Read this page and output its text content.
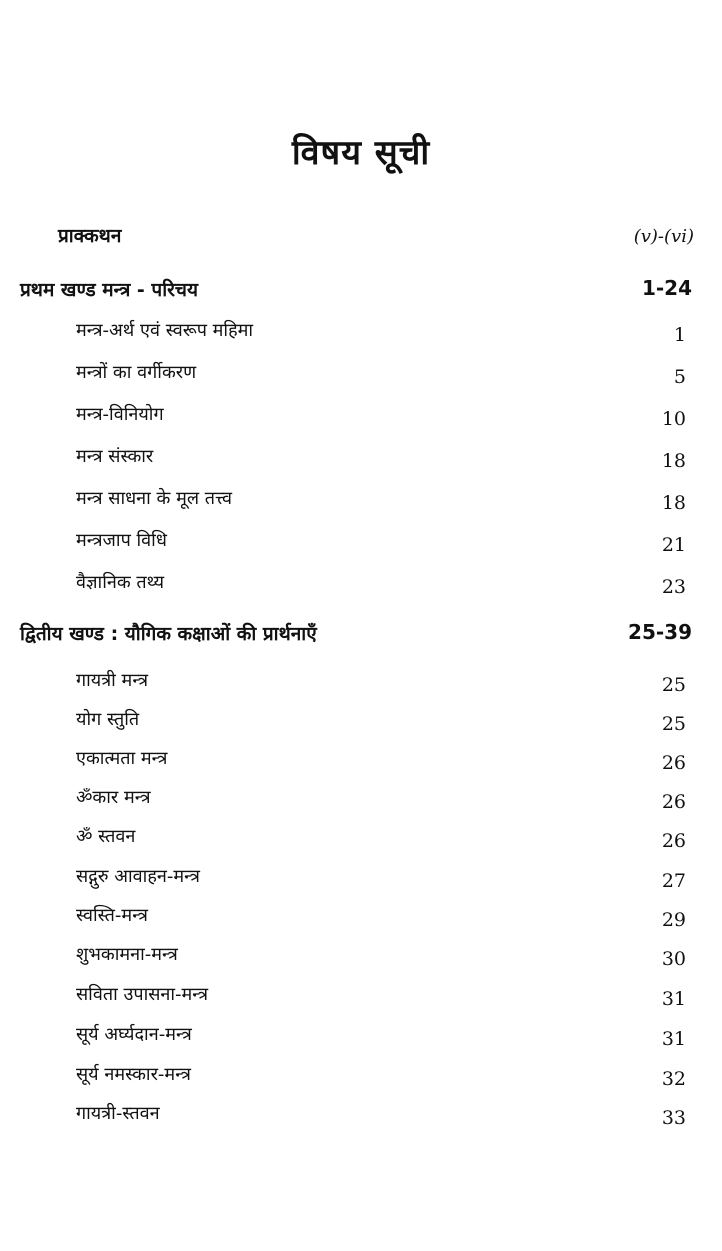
विषय सूची
प्राक्कथन	(v)-(vi)
प्रथम खण्ड मन्त्र - परिचय	1-24
मन्त्र-अर्थ एवं स्वरूप महिमा	1
मन्त्रों का वर्गीकरण	5
मन्त्र-विनियोग	10
मन्त्र संस्कार	18
मन्त्र साधना के मूल तत्त्व	18
मन्त्रजाप विधि	21
वैज्ञानिक तथ्य	23
द्वितीय खण्ड : यौगिक कक्षाओं की प्रार्थनाएँ	25-39
गायत्री मन्त्र	25
योग स्तुति	25
एकात्मता मन्त्र	26
ॐकार मन्त्र	26
ॐ स्तवन	26
सद्गुरु आवाहन-मन्त्र	27
स्वस्ति-मन्त्र	29
शुभकामना-मन्त्र	30
सविता उपासना-मन्त्र	31
सूर्य अर्घ्यदान-मन्त्र	31
सूर्य नमस्कार-मन्त्र	32
गायत्री-स्तवन	33
